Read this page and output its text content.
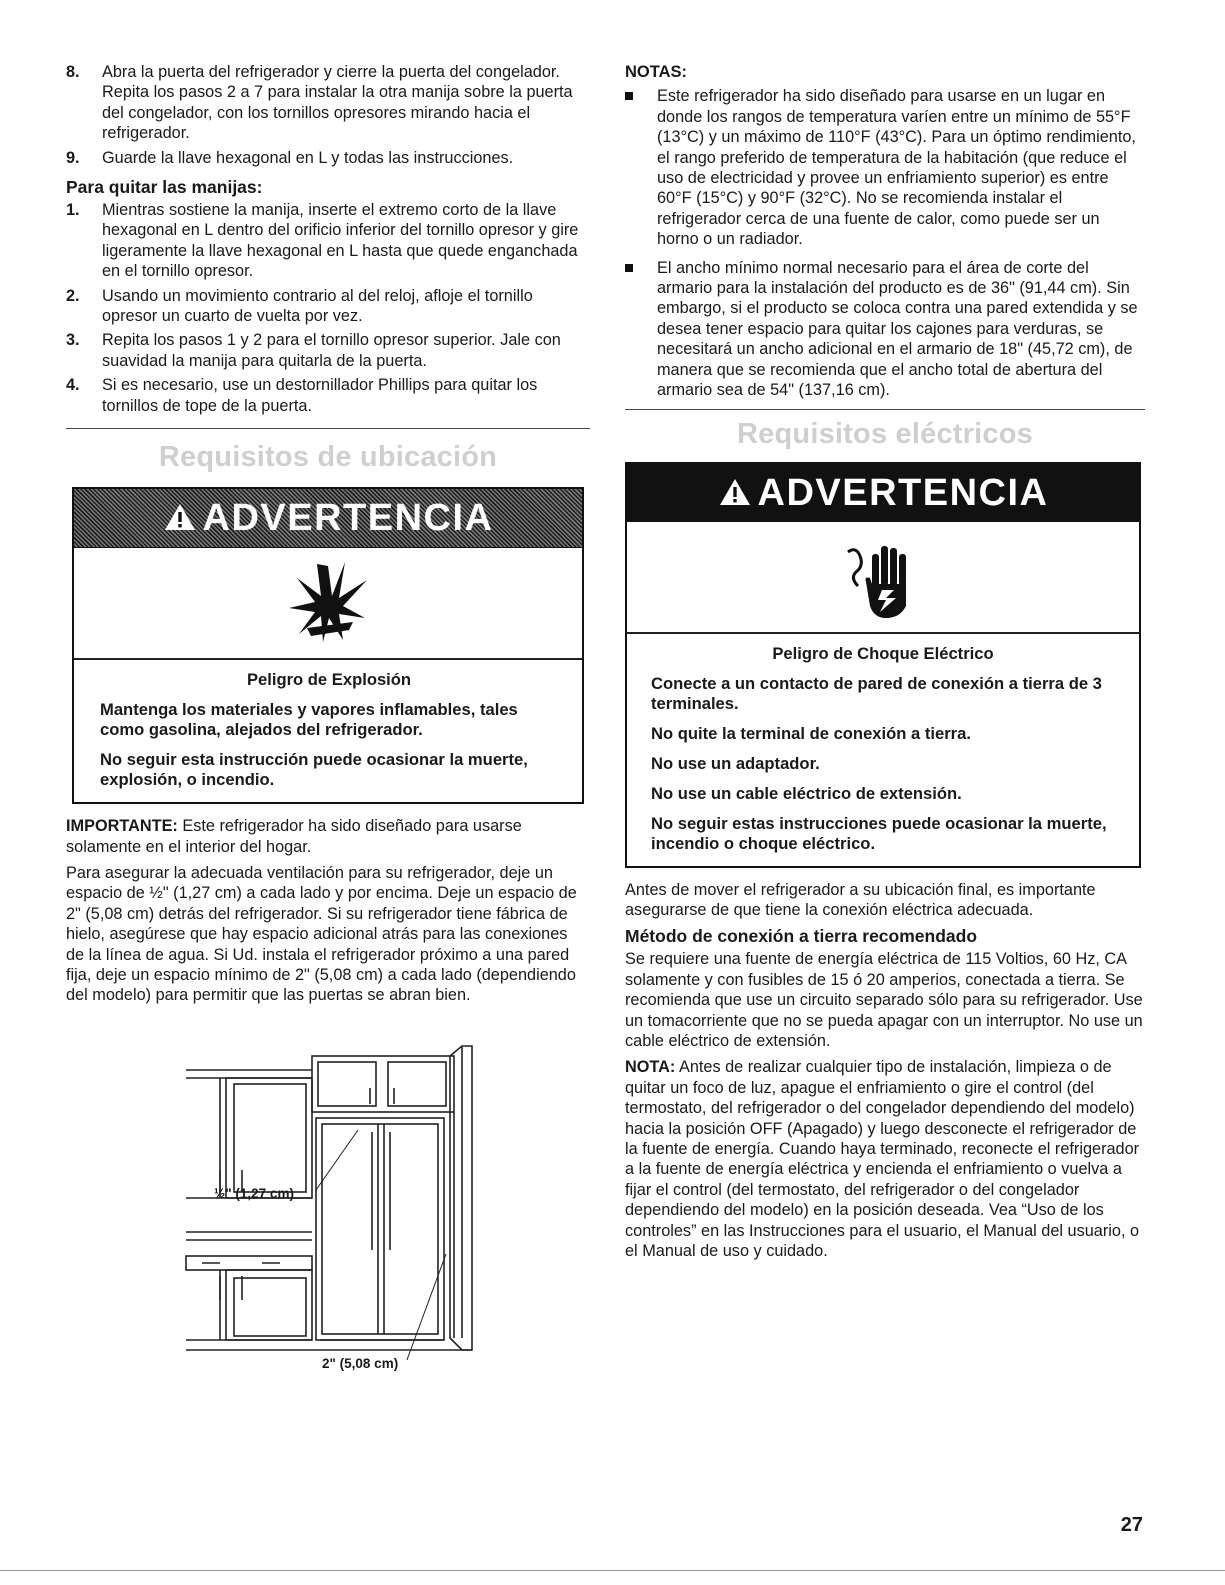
8. Abra la puerta del refrigerador y cierre la puerta del congelador. Repita los pasos 2 a 7 para instalar la otra manija sobre la puerta del congelador, con los tornillos opresores mirando hacia el refrigerador.
9. Guarde la llave hexagonal en L y todas las instrucciones.
Para quitar las manijas:
1. Mientras sostiene la manija, inserte el extremo corto de la llave hexagonal en L dentro del orificio inferior del tornillo opresor y gire ligeramente la llave hexagonal en L hasta que quede enganchada en el tornillo opresor.
2. Usando un movimiento contrario al del reloj, afloje el tornillo opresor un cuarto de vuelta por vez.
3. Repita los pasos 1 y 2 para el tornillo opresor superior. Jale con suavidad la manija para quitarla de la puerta.
4. Si es necesario, use un destornillador Phillips para quitar los tornillos de tope de la puerta.
Requisitos de ubicación
ADVERTENCIA

Peligro de Explosión

Mantenga los materiales y vapores inflamables, tales como gasolina, alejados del refrigerador.

No seguir esta instrucción puede ocasionar la muerte, explosión, o incendio.

IMPORTANTE: Este refrigerador ha sido diseñado para usarse solamente en el interior del hogar.

Para asegurar la adecuada ventilación para su refrigerador, deje un espacio de ½" (1,27 cm) a cada lado y por encima. Deje un espacio de 2" (5,08 cm) detrás del refrigerador. Si su refrigerador tiene fábrica de hielo, asegúrese que hay espacio adicional atrás para las conexiones de la línea de agua. Si Ud. instala el refrigerador próximo a una pared fija, deje un espacio mínimo de 2" (5,08 cm) a cada lado (dependiendo del modelo) para permitir que las puertas se abran bien.

½" (1,27 cm)
2" (5,08 cm)
NOTAS:
Este refrigerador ha sido diseñado para usarse en un lugar en donde los rangos de temperatura varíen entre un mínimo de 55°F (13°C) y un máximo de 110°F (43°C). Para un óptimo rendimiento, el rango preferido de temperatura de la habitación (que reduce el uso de electricidad y provee un enfriamiento superior) es entre 60°F (15°C) y 90°F (32°C). No se recomienda instalar el refrigerador cerca de una fuente de calor, como puede ser un horno o un radiador.
El ancho mínimo normal necesario para el área de corte del armario para la instalación del producto es de 36" (91,44 cm). Sin embargo, si el producto se coloca contra una pared extendida y se desea tener espacio para quitar los cajones para verduras, se necesitará un ancho adicional en el armario de 18" (45,72 cm), de manera que se recomienda que el ancho total de abertura del armario sea de 54" (137,16 cm).
Requisitos eléctricos
ADVERTENCIA

Peligro de Choque Eléctrico

Conecte a un contacto de pared de conexión a tierra de 3 terminales.

No quite la terminal de conexión a tierra.

No use un adaptador.

No use un cable eléctrico de extensión.

No seguir estas instrucciones puede ocasionar la muerte, incendio o choque eléctrico.

Antes de mover el refrigerador a su ubicación final, es importante asegurarse de que tiene la conexión eléctrica adecuada.

Método de conexión a tierra recomendado

Se requiere una fuente de energía eléctrica de 115 Voltios, 60 Hz, CA solamente y con fusibles de 15 ó 20 amperios, conectada a tierra. Se recomienda que use un circuito separado sólo para su refrigerador. Use un tomacorriente que no se pueda apagar con un interruptor. No use un cable eléctrico de extensión.

NOTA: Antes de realizar cualquier tipo de instalación, limpieza o de quitar un foco de luz, apague el enfriamiento o gire el control (del termostato, del refrigerador o del congelador dependiendo del modelo) hacia la posición OFF (Apagado) y luego desconecte el refrigerador de la fuente de energía. Cuando haya terminado, reconecte el refrigerador a la fuente de energía eléctrica y encienda el enfriamiento o vuelva a fijar el control (del termostato, del refrigerador o del congelador dependiendo del modelo) en la posición deseada. Vea “Uso de los controles” en las Instrucciones para el usuario, el Manual del usuario, o el Manual de uso y cuidado.

27
